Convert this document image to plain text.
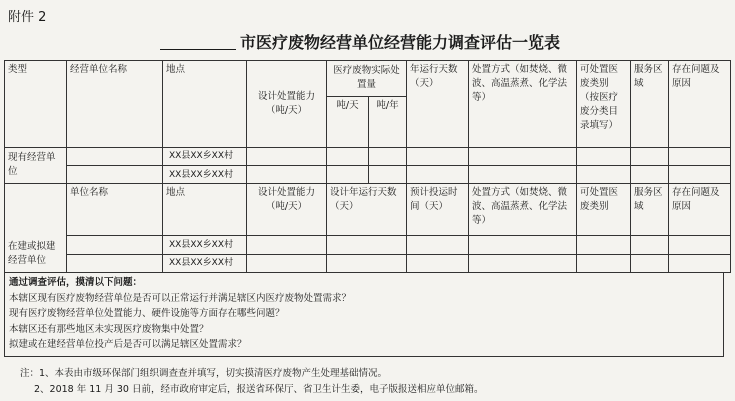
附件 2
市医疗废物经营单位经营能力调查评估一览表
类型	经营单位名称	地点	设计处置能力（吨/天）	医疗废物实际处置量		年运行天数（天）	处置方式（如焚烧、微波、高温蒸煮、化学法等）	可处置医废类别（按医疗废分类目录填写）	服务区域	存在问题及原因
				吨/天	吨/年					
现有经营单位		XX县XX乡XX村								
		XX县XX乡XX村								
在建或拟建经营单位	单位名称	地点	设计处置能力（吨/天）	设计年运行天数（天）		预计投运时间（天）	处置方式（如焚烧、微波、高温蒸煮、化学法等）	可处置医废类别	服务区域	存在问题及原因
		XX县XX乡XX村								
		XX县XX乡XX村								
通过调查评估，摸清以下问题：
本辖区现有医疗废物经营单位是否可以正常运行并满足辖区内医疗废物处置需求？
现有医疗废物经营单位处置能力、硬件设施等方面存在哪些问题？
本辖区还有那些地区未实现医疗废物集中处置？
拟建或在建经营单位投产后是否可以满足辖区处置需求？
注：1、本表由市级环保部门组织调查查并填写，切实摸清医疗废物产生处理基础情况。
2、2018 年 11 月 30 日前，经市政府审定后，报送省环保厅、省卫生计生委，电子版报送相应单位邮箱。
